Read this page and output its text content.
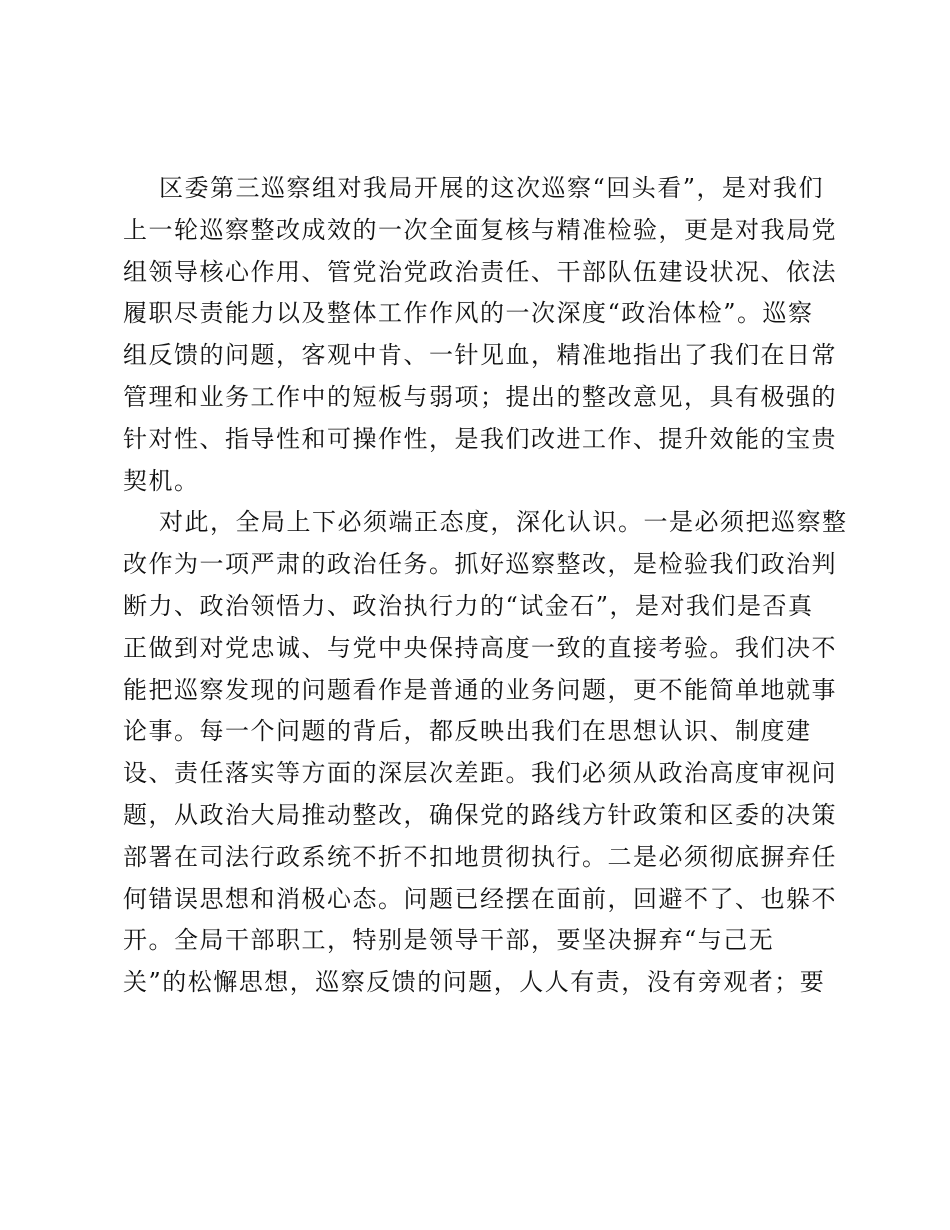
区委第三巡察组对我局开展的这次巡察“回头看”，是对我们
上一轮巡察整改成效的一次全面复核与精准检验，更是对我局党
组领导核心作用、管党治党政治责任、干部队伍建设状况、依法
履职尽责能力以及整体工作作风的一次深度“政治体检”。巡察
组反馈的问题，客观中肯、一针见血，精准地指出了我们在日常
管理和业务工作中的短板与弱项；提出的整改意见，具有极强的
针对性、指导性和可操作性，是我们改进工作、提升效能的宝贵
契机。
对此，全局上下必须端正态度，深化认识。一是必须把巡察整
改作为一项严肃的政治任务。抓好巡察整改，是检验我们政治判
断力、政治领悟力、政治执行力的“试金石”，是对我们是否真
正做到对党忠诚、与党中央保持高度一致的直接考验。我们决不
能把巡察发现的问题看作是普通的业务问题，更不能简单地就事
论事。每一个问题的背后，都反映出我们在思想认识、制度建
设、责任落实等方面的深层次差距。我们必须从政治高度审视问
题，从政治大局推动整改，确保党的路线方针政策和区委的决策
部署在司法行政系统不折不扣地贯彻执行。二是必须彻底摒弃任
何错误思想和消极心态。问题已经摆在面前，回避不了、也躲不
开。全局干部职工，特别是领导干部，要坚决摒弃“与己无
关”的松懈思想，巡察反馈的问题，人人有责，没有旁观者；要
